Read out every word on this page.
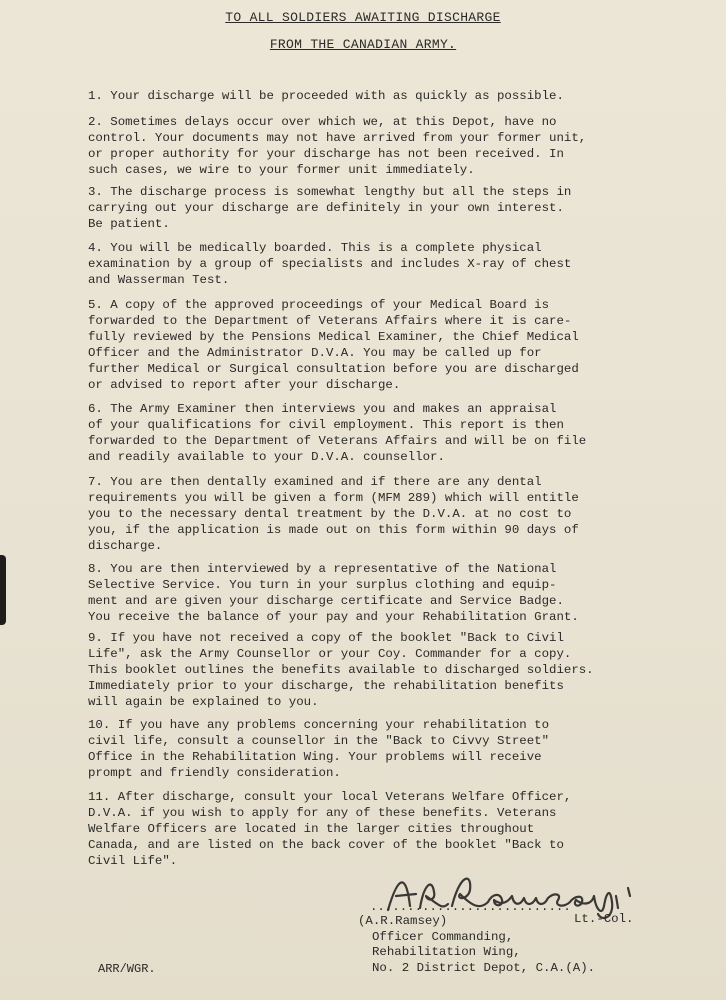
TO ALL SOLDIERS AWAITING DISCHARGE
FROM THE CANADIAN ARMY.
1. Your discharge will be proceeded with as quickly as possible.
2. Sometimes delays occur over which we, at this Depot, have no
control. Your documents may not have arrived from your former unit,
or proper authority for your discharge has not been received. In
such cases, we wire to your former unit immediately.
3. The discharge process is somewhat lengthy but all the steps in
carrying out your discharge are definitely in your own interest.
Be patient.
4. You will be medically boarded. This is a complete physical
examination by a group of specialists and includes X-ray of chest
and Wasserman Test.
5. A copy of the approved proceedings of your Medical Board is
forwarded to the Department of Veterans Affairs where it is care-
fully reviewed by the Pensions Medical Examiner, the Chief Medical
Officer and the Administrator D.V.A. You may be called up for
further Medical or Surgical consultation before you are discharged
or advised to report after your discharge.
6. The Army Examiner then interviews you and makes an appraisal
of your qualifications for civil employment. This report is then
forwarded to the Department of Veterans Affairs and will be on file
and readily available to your D.V.A. counsellor.
7. You are then dentally examined and if there are any dental
requirements you will be given a form (MFM 289) which will entitle
you to the necessary dental treatment by the D.V.A. at no cost to
you, if the application is made out on this form within 90 days of
discharge.
8. You are then interviewed by a representative of the National
Selective Service. You turn in your surplus clothing and equip-
ment and are given your discharge certificate and Service Badge.
You receive the balance of your pay and your Rehabilitation Grant.
9. If you have not received a copy of the booklet "Back to Civil
Life", ask the Army Counsellor or your Coy. Commander for a copy.
This booklet outlines the benefits available to discharged soldiers.
Immediately prior to your discharge, the rehabilitation benefits
will again be explained to you.
10. If you have any problems concerning your rehabilitation to
civil life, consult a counsellor in the "Back to Civvy Street"
Office in the Rehabilitation Wing. Your problems will receive
prompt and friendly consideration.
11. After discharge, consult your local Veterans Welfare Officer,
D.V.A. if you wish to apply for any of these benefits. Veterans
Welfare Officers are located in the larger cities throughout
Canada, and are listed on the back cover of the booklet "Back to
Civil Life".
...........................
Lt.-Col.
(A.R.Ramsey)
Officer Commanding,
Rehabilitation Wing,
No. 2 District Depot, C.A.(A).
ARR/WGR.
